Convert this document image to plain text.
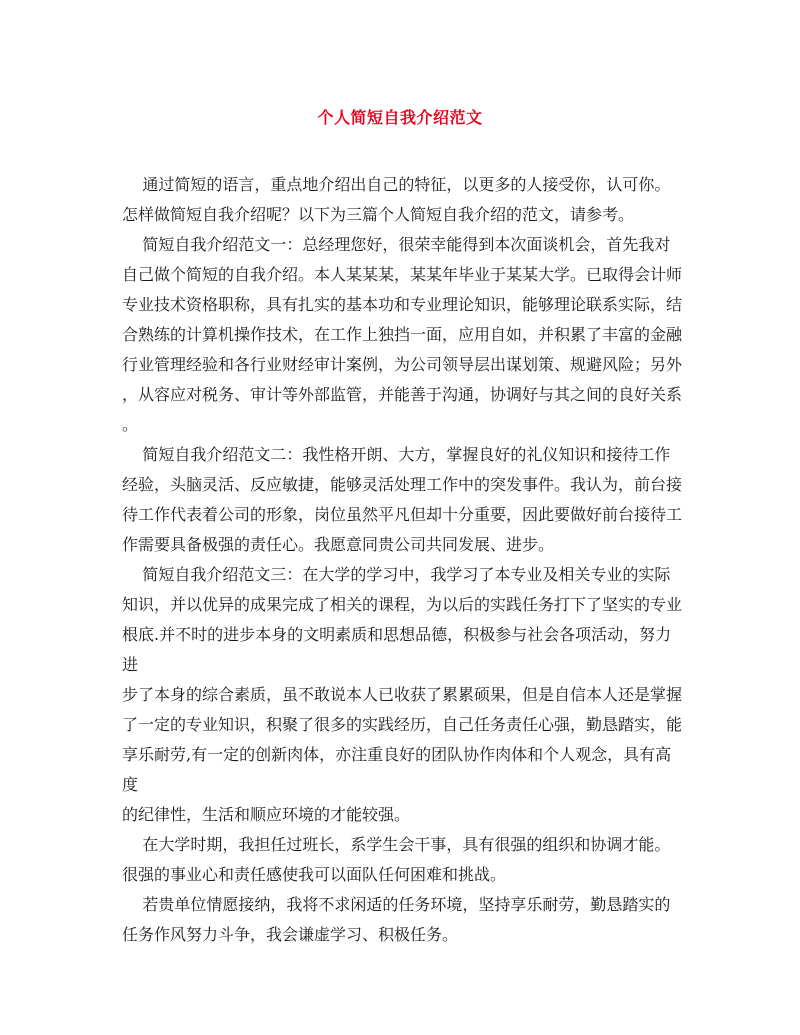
个人简短自我介绍范文

通过简短的语言，重点地介绍出自己的特征，以更多的人接受你，认可你。

怎样做简短自我介绍呢？以下为三篇个人简短自我介绍的范文，请参考。

简短自我介绍范文一：总经理您好，很荣幸能得到本次面谈机会，首先我对

自己做个简短的自我介绍。本人某某某，某某年毕业于某某大学。已取得会计师

专业技术资格职称，具有扎实的基本功和专业理论知识，能够理论联系实际，结

合熟练的计算机操作技术，在工作上独挡一面，应用自如，并积累了丰富的金融

行业管理经验和各行业财经审计案例，为公司领导层出谋划策、规避风险；另外

，从容应对税务、审计等外部监管，并能善于沟通，协调好与其之间的良好关系

。

简短自我介绍范文二：我性格开朗、大方，掌握良好的礼仪知识和接待工作

经验，头脑灵活、反应敏捷，能够灵活处理工作中的突发事件。我认为，前台接

待工作代表着公司的形象，岗位虽然平凡但却十分重要，因此要做好前台接待工

作需要具备极强的责任心。我愿意同贵公司共同发展、进步。

简短自我介绍范文三：在大学的学习中，我学习了本专业及相关专业的实际

知识，并以优异的成果完成了相关的课程，为以后的实践任务打下了坚实的专业

根底.并不时的进步本身的文明素质和思想品德，积极参与社会各项活动，努力进

步了本身的综合素质，虽不敢说本人已收获了累累硕果，但是自信本人还是掌握

了一定的专业知识，积聚了很多的实践经历，自己任务责任心强，勤恳踏实，能

享乐耐劳,有一定的创新肉体，亦注重良好的团队协作肉体和个人观念，具有高度

的纪律性，生活和顺应环境的才能较强。

在大学时期，我担任过班长，系学生会干事，具有很强的组织和协调才能。

很强的事业心和责任感使我可以面队任何困难和挑战。

若贵单位情愿接纳，我将不求闲适的任务环境，坚持享乐耐劳，勤恳踏实的

任务作风努力斗争，我会谦虚学习、积极任务。
